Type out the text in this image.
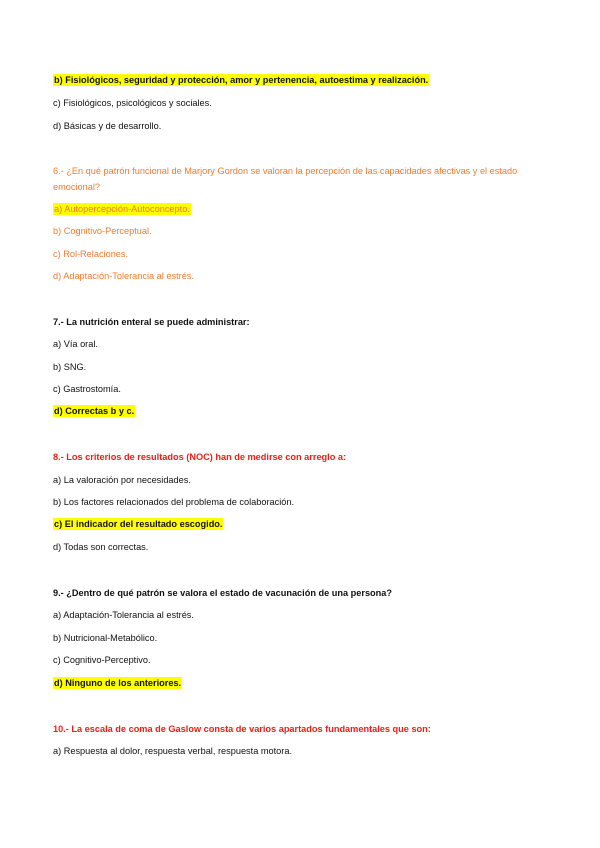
b) Fisiológicos, seguridad y protección, amor y pertenencia, autoestima y realización.
c) Fisiológicos, psicológicos y sociales.
d) Básicas y de desarrollo.
6.- ¿En qué patrón funcional de Marjory Gordon se valoran la percepción de las capacidades afectivas y el estado emocional?
a) Autopercepción-Autoconcepto.
b) Cognitivo-Perceptual.
c) Rol-Relaciones.
d) Adaptación-Tolerancia al estrés.
7.- La nutrición enteral se puede administrar:
a) Vía oral.
b) SNG.
c) Gastrostomía.
d) Correctas b y c.
8.- Los criterios de resultados (NOC) han de medirse con arreglo a:
a) La valoración por necesidades.
b) Los factores relacionados del problema de colaboración.
c) El indicador del resultado escogido.
d) Todas son correctas.
9.- ¿Dentro de qué patrón se valora el estado de vacunación de una persona?
a) Adaptación-Tolerancia al estrés.
b) Nutricional-Metabólico.
c) Cognitivo-Perceptivo.
d) Ninguno de los anteriores.
10.- La escala de coma de Gaslow consta de varios apartados fundamentales que son:
a) Respuesta al dolor, respuesta verbal, respuesta motora.
